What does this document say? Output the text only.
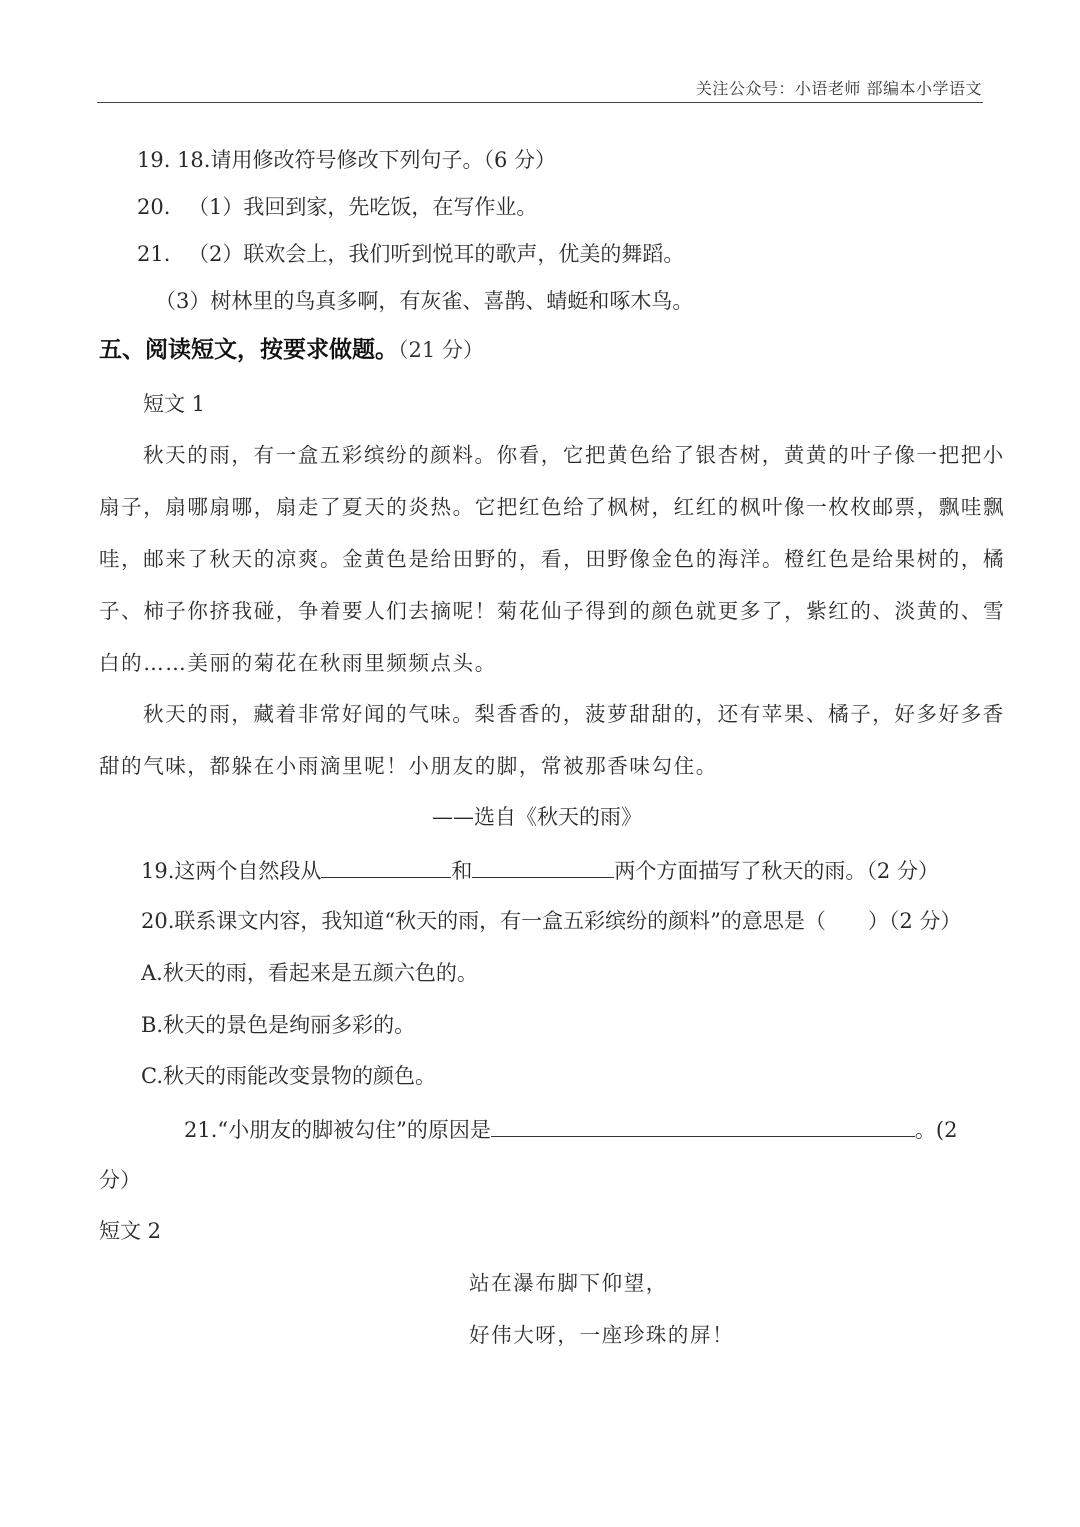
关注公众号：小语老师 部编本小学语文
19. 18.请用修改符号修改下列句子。（6 分）
20. （1）我回到家，先吃饭，在写作业。
21. （2）联欢会上，我们听到悦耳的歌声，优美的舞蹈。
（3）树林里的鸟真多啊，有灰雀、喜鹊、蜻蜓和啄木鸟。
五、阅读短文，按要求做题。（21 分）
短文 1
秋天的雨，有一盒五彩缤纷的颜料。你看，它把黄色给了银杏树，黄黄的叶子像一把把小
扇子，扇哪扇哪，扇走了夏天的炎热。它把红色给了枫树，红红的枫叶像一枚枚邮票，飘哇飘
哇，邮来了秋天的凉爽。金黄色是给田野的，看，田野像金色的海洋。橙红色是给果树的，橘
子、柿子你挤我碰，争着要人们去摘呢！菊花仙子得到的颜色就更多了，紫红的、淡黄的、雪
白的……美丽的菊花在秋雨里频频点头。
秋天的雨，藏着非常好闻的气味。梨香香的，菠萝甜甜的，还有苹果、橘子，好多好多香
甜的气味，都躲在小雨滴里呢！小朋友的脚，常被那香味勾住。
——选自《秋天的雨》
19.这两个自然段从	和	两个方面描写了秋天的雨。（2 分）
20.联系课文内容，我知道“秋天的雨，有一盒五彩缤纷的颜料”的意思是（　　）（2 分）
A.秋天的雨，看起来是五颜六色的。
B.秋天的景色是绚丽多彩的。
C.秋天的雨能改变景物的颜色。
21.“小朋友的脚被勾住”的原因是	。(2
分）
短文 2
站在瀑布脚下仰望，
好伟大呀，一座珍珠的屏！
